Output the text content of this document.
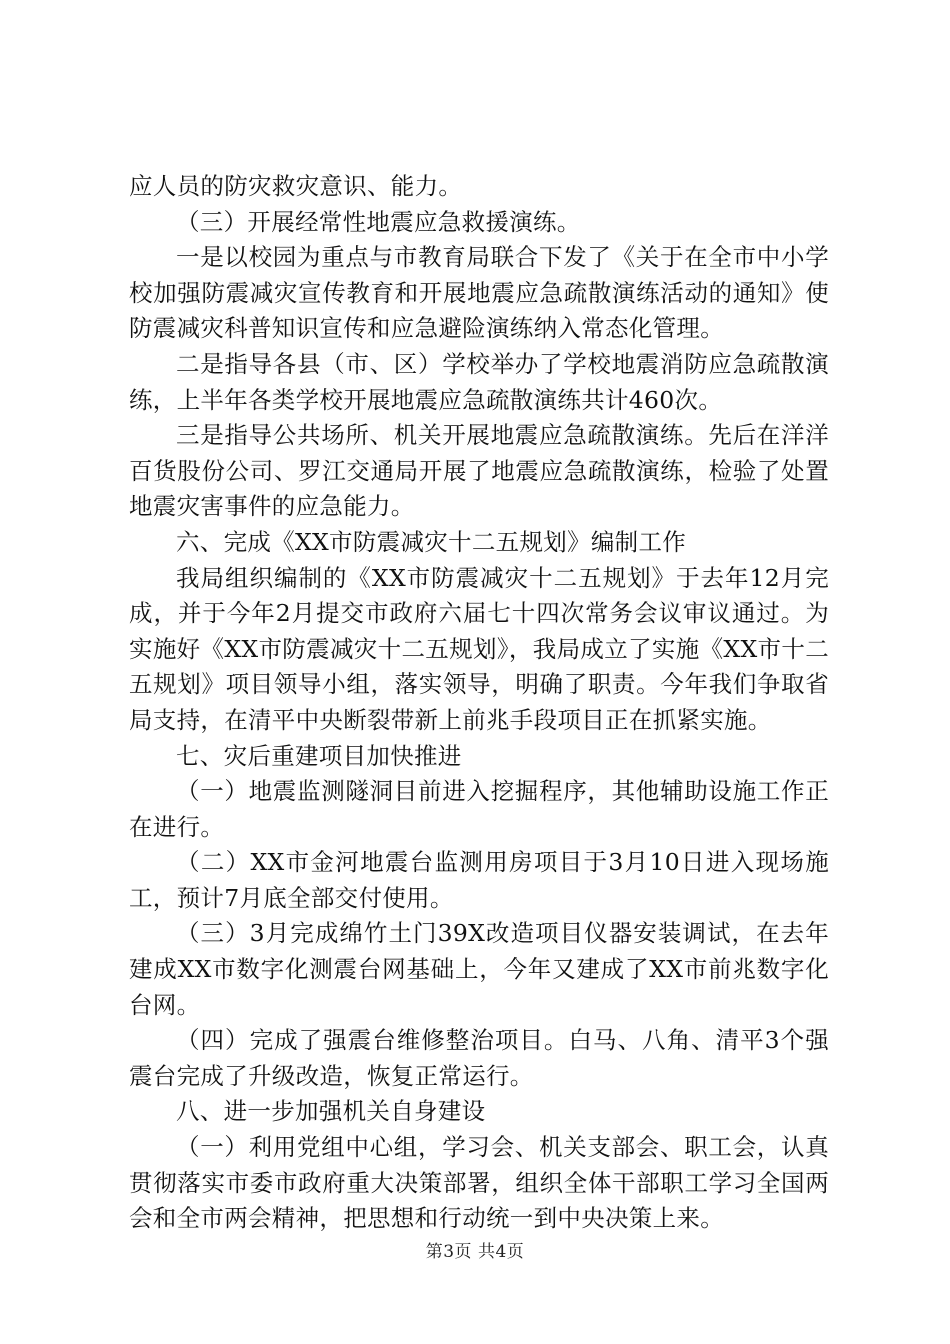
应人员的防灾救灾意识、能力。

（三）开展经常性地震应急救援演练。

一是以校园为重点与市教育局联合下发了《关于在全市中小学校加强防震减灾宣传教育和开展地震应急疏散演练活动的通知》使防震减灾科普知识宣传和应急避险演练纳入常态化管理。

二是指导各县（市、区）学校举办了学校地震消防应急疏散演练，上半年各类学校开展地震应急疏散演练共计460次。

三是指导公共场所、机关开展地震应急疏散演练。先后在洋洋百货股份公司、罗江交通局开展了地震应急疏散演练，检验了处置地震灾害事件的应急能力。

六、完成《XX市防震减灾十二五规划》编制工作

我局组织编制的《XX市防震减灾十二五规划》于去年12月完成，并于今年2月提交市政府六届七十四次常务会议审议通过。为实施好《XX市防震减灾十二五规划》，我局成立了实施《XX市十二五规划》项目领导小组，落实领导，明确了职责。今年我们争取省局支持，在清平中央断裂带新上前兆手段项目正在抓紧实施。

七、灾后重建项目加快推进

（一）地震监测隧洞目前进入挖掘程序，其他辅助设施工作正在进行。

（二）XX市金河地震台监测用房项目于3月10日进入现场施工，预计7月底全部交付使用。

（三）3月完成绵竹土门39X改造项目仪器安装调试，在去年建成XX市数字化测震台网基础上，今年又建成了XX市前兆数字化台网。

（四）完成了强震台维修整治项目。白马、八角、清平3个强震台完成了升级改造，恢复正常运行。

八、进一步加强机关自身建设

（一）利用党组中心组，学习会、机关支部会、职工会，认真贯彻落实市委市政府重大决策部署，组织全体干部职工学习全国两会和全市两会精神，把思想和行动统一到中央决策上来。

第3页 共4页
